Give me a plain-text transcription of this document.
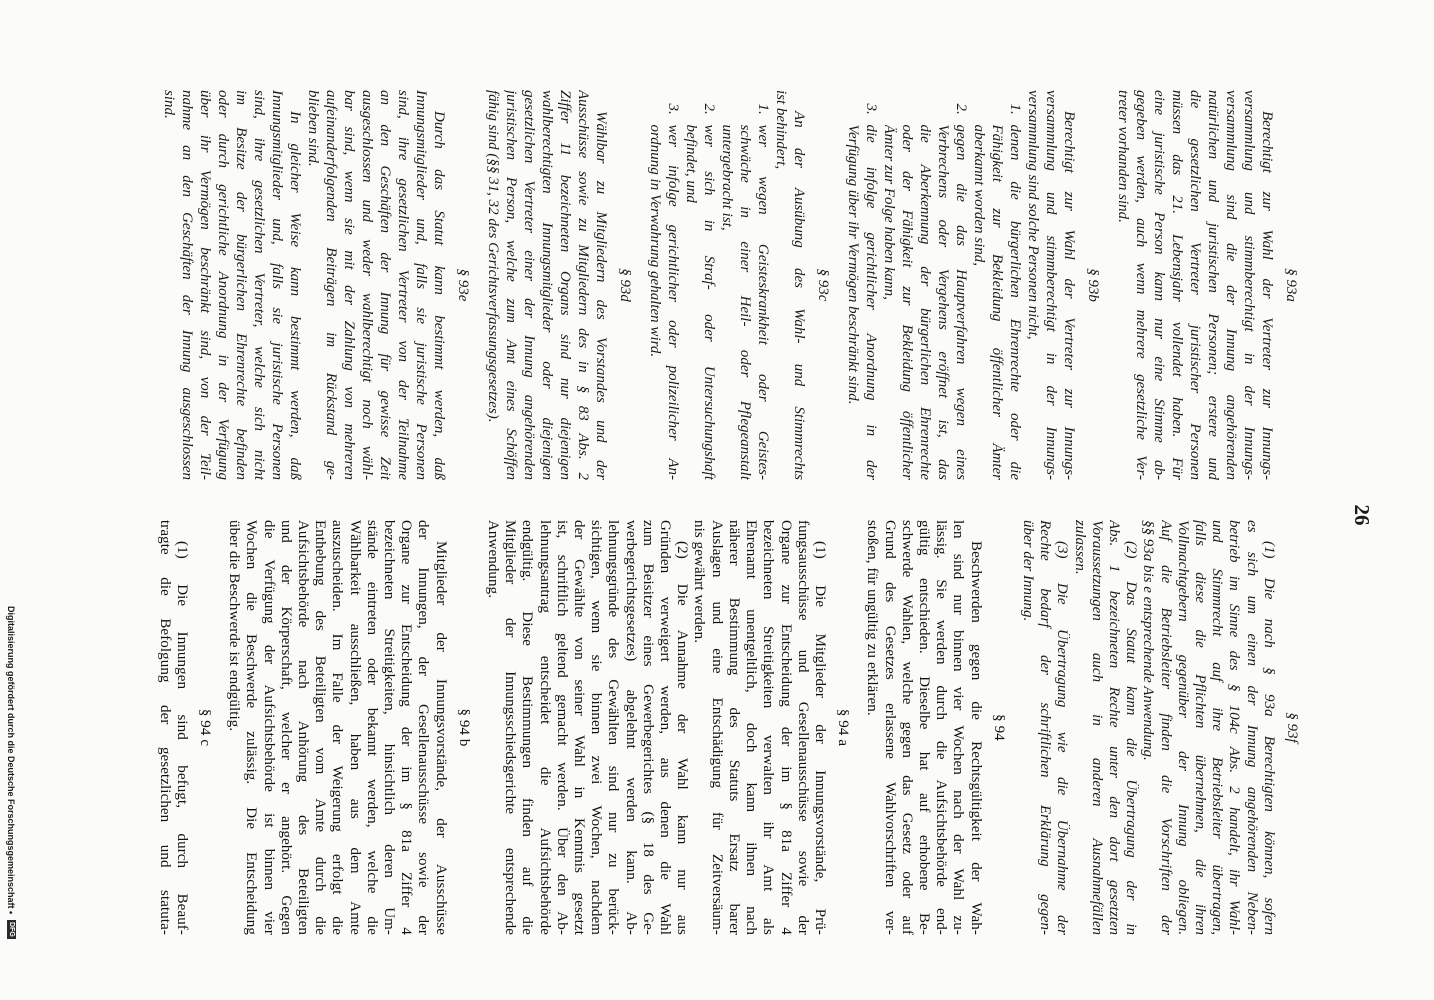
Digitalisierung gefördert durch die Deutsche Forschungsgemeinschaft • DFG
26
§ 93a
Berechtigt zur Wahl der Vertreter zur Innungs-
versammlung und stimmberechtigt in der Innungs-
versammlung sind die der Innung angehörenden
natürlichen und juristischen Personen; erstere und
die gesetzlichen Vertreter juristischer Personen
müssen das 21. Lebensjahr vollendet haben. Für
eine juristische Person kann nur eine Stimme ab-
gegeben werden, auch wenn mehrere gesetzliche Ver-
treter vorhanden sind.
§ 93b
Berechtigt zur Wahl der Vertreter zur Innungs-
versammlung und stimmberechtigt in der Innungs-
versammlung sind solche Personen nicht,
1.
denen die bürgerlichen Ehrenrechte oder die
Fähigkeit zur Bekleidung öffentlicher Ämter
aberkannt worden sind,
2.
gegen die das Hauptverfahren wegen eines
Verbrechens oder Vergehens eröffnet ist, das
die Aberkennung der bürgerlichen Ehrenrechte
oder der Fähigkeit zur Bekleidung öffentlicher
Ämter zur Folge haben kann,
3.
die infolge gerichtlicher Anordnung in der
Verfügung über ihr Vermögen beschränkt sind.
§ 93c
An der Ausübung des Wahl- und Stimmrechts
ist behindert,
1.
wer wegen Geisteskrankheit oder Geistes-
schwäche in einer Heil- oder Pflegeanstalt
untergebracht ist,
2.
wer sich in Straf- oder Untersuchungshaft
befindet, und
3.
wer infolge gerichtlicher oder polizeilicher An-
ordnung in Verwahrung gehalten wird.
§ 93d
Wählbar zu Mitgliedern des Vorstandes und der
Ausschüsse sowie zu Mitgliedern des in § 83 Abs. 2
Ziffer 11 bezeichneten Organs sind nur diejenigen
wahlberechtigten Innungsmitglieder oder diejenigen
gesetzlichen Vertreter einer der Innung angehörenden
juristischen Person, welche zum Amt eines Schöffen
fähig sind (§§ 31, 32 des Gerichtsverfassungsgesetzes).
§ 93e
Durch das Statut kann bestimmt werden, daß
Innungsmitglieder und, falls sie juristische Personen
sind, ihre gesetzlichen Vertreter von der Teilnahme
an den Geschäften der Innung für gewisse Zeit
ausgeschlossen und weder wahlberechtigt noch wähl-
bar sind, wenn sie mit der Zahlung von mehreren
aufeinanderfolgenden Beiträgen im Rückstand ge-
blieben sind.
In gleicher Weise kann bestimmt werden, daß
Innungsmitglieder und, falls sie juristische Personen
sind, ihre gesetzlichen Vertreter, welche sich nicht
im Besitze der bürgerlichen Ehrenrechte befinden
oder durch gerichtliche Anordnung in der Verfügung
über ihr Vermögen beschränkt sind, von der Teil-
nahme an den Geschäften der Innung ausgeschlossen
sind.
§ 93f
(1) Die nach § 93a Berechtigten können, sofern
es sich um einen der Innung angehörenden Neben-
betrieb im Sinne des § 104c Abs. 2 handelt, ihr Wahl-
und Stimmrecht auf ihre Betriebsleiter übertragen,
falls diese die Pflichten übernehmen, die ihren
Vollmachtgebern gegenüber der Innung obliegen.
Auf die Betriebsleiter finden die Vorschriften der
§§ 93a bis e entsprechende Anwendung.
(2) Das Statut kann die Übertragung der in
Abs. 1 bezeichneten Rechte unter den dort gesetzten
Voraussetzungen auch in anderen Ausnahmefällen
zulassen.
(3) Die Übertragung wie die Übernahme der
Rechte bedarf der schriftlichen Erklärung gegen-
über der Innung.
§ 94
Beschwerden gegen die Rechtsgültigkeit der Wah-
len sind nur binnen vier Wochen nach der Wahl zu-
lässig. Sie werden durch die Aufsichtsbehörde end-
gültig entschieden. Dieselbe hat auf erhobene Be-
schwerde Wahlen, welche gegen das Gesetz oder auf
Grund des Gesetzes erlassene Wahlvorschriften ver-
stoßen, für ungültig zu erklären.
§ 94 a
(1) Die Mitglieder der Innungsvorstände, Prü-
fungsausschüsse und Gesellenausschüsse sowie der
Organe zur Entscheidung der im § 81a Ziffer 4
bezeichneten Streitigkeiten verwalten ihr Amt als
Ehrenamt unentgeltlich, doch kann ihnen nach
näherer Bestimmung des Statuts Ersatz barer
Auslagen und eine Entschädigung für Zeitversäum-
nis gewährt werden.
(2) Die Annahme der Wahl kann nur aus
Gründen verweigert werden, aus denen die Wahl
zum Beisitzer eines Gewerbegerichtes (§ 18 des Ge-
werbegerichtsgesetzes) abgelehnt werden kann. Ab-
lehnungsgründe des Gewählten sind nur zu berück-
sichtigen, wenn sie binnen zwei Wochen, nachdem
der Gewählte von seiner Wahl in Kenntnis gesetzt
ist, schriftlich geltend gemacht werden. Über den Ab-
lehnungsantrag entscheidet die Aufsichtsbehörde
endgültig. Diese Bestimmungen finden auf die
Mitglieder der Innungsschiedsgerichte entsprechende
Anwendung.
§ 94 b
Mitglieder der Innungsvorstände, der Ausschüsse
der Innungen, der Gesellenausschüsse sowie der
Organe zur Entscheidung der im § 81a Ziffer 4
bezeichneten Streitigkeiten, hinsichtlich deren Um-
stände eintreten oder bekannt werden, welche die
Wählbarkeit ausschließen, haben aus dem Amte
auszuscheiden. Im Falle der Weigerung erfolgt die
Enthebung des Beteiligten vom Amte durch die
Aufsichtsbehörde nach Anhörung des Beteiligten
und der Körperschaft, welcher er angehört. Gegen
die Verfügung der Aufsichtsbehörde ist binnen vier
Wochen die Beschwerde zulässig. Die Entscheidung
über die Beschwerde ist endgültig.
§ 94 c
(1) Die Innungen sind befugt, durch Beauf-
tragte die Befolgung der gesetzlichen und statuta-
